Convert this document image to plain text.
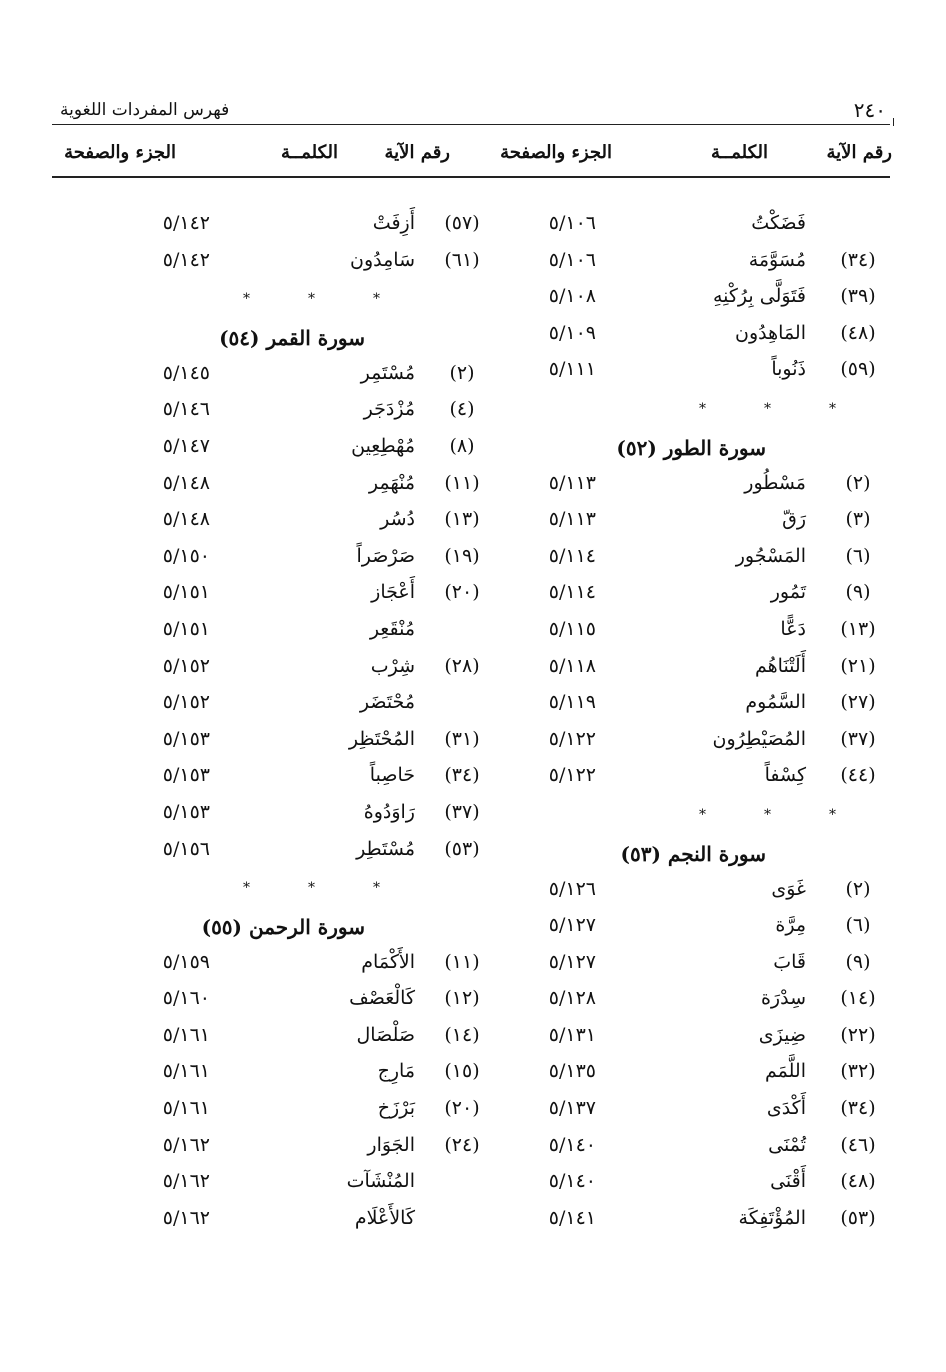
٢٤٠
فهرس المفردات اللغوية
رقم الآية
الكلمــة
الجزء والصفحة
رقم الآية
الكلمــة
الجزء والصفحة
فَضَكْتُ
٥/١٠٦
(٣٤)
مُسَوَّمَة
٥/١٠٦
(٣٩)
فَتَوَلَّى بِرُكْنِهِ
٥/١٠٨
(٤٨)
المَاهِدُون
٥/١٠٩
(٥٩)
ذَنُوباً
٥/١١١
*
*
*
سورة الطور (٥٢)
(٢)
مَسْطُور
٥/١١٣
(٣)
رَقّ
٥/١١٣
(٦)
المَسْجُور
٥/١١٤
(٩)
تَمُور
٥/١١٤
(١٣)
دَعًّا
٥/١١٥
(٢١)
أَلَتْنَاهُم
٥/١١٨
(٢٧)
السَّمُوم
٥/١١٩
(٣٧)
المُصَيْطِرُون
٥/١٢٢
(٤٤)
كِسْفاً
٥/١٢٢
*
*
*
سورة النجم (٥٣)
(٢)
غَوَى
٥/١٢٦
(٦)
مِرَّة
٥/١٢٧
(٩)
قَابَ
٥/١٢٧
(١٤)
سِدْرَة
٥/١٢٨
(٢٢)
ضِيزَى
٥/١٣١
(٣٢)
اللَّمَم
٥/١٣٥
(٣٤)
أَكْدَى
٥/١٣٧
(٤٦)
تُمْنَى
٥/١٤٠
(٤٨)
أَقْنَى
٥/١٤٠
(٥٣)
المُؤْتَفِكَة
٥/١٤١
(٥٧)
أَزِفَتْ
٥/١٤٢
(٦١)
سَامِدُون
٥/١٤٢
*
*
*
سورة القمر (٥٤)
(٢)
مُسْتَمِر
٥/١٤٥
(٤)
مُزْدَجَر
٥/١٤٦
(٨)
مُهْطِعِين
٥/١٤٧
(١١)
مُنْهَمِر
٥/١٤٨
(١٣)
دُسُر
٥/١٤٨
(١٩)
صَرْصَراً
٥/١٥٠
(٢٠)
أَعْجَاز
٥/١٥١
مُنْقَعِر
٥/١٥١
(٢٨)
شِرْب
٥/١٥٢
مُحْتَضَر
٥/١٥٢
(٣١)
المُحْتَظِر
٥/١٥٣
(٣٤)
حَاصِباً
٥/١٥٣
(٣٧)
رَاوَدُوهُ
٥/١٥٣
(٥٣)
مُسْتَطِر
٥/١٥٦
*
*
*
سورة الرحمن (٥٥)
(١١)
الأَكْمَام
٥/١٥٩
(١٢)
كَالْعَصْف
٥/١٦٠
(١٤)
صَلْصَال
٥/١٦١
(١٥)
مَارِج
٥/١٦١
(٢٠)
بَرْزَخ
٥/١٦١
(٢٤)
الجَوَار
٥/١٦٢
المُنْشَآت
٥/١٦٢
كَالأَعْلَام
٥/١٦٢
